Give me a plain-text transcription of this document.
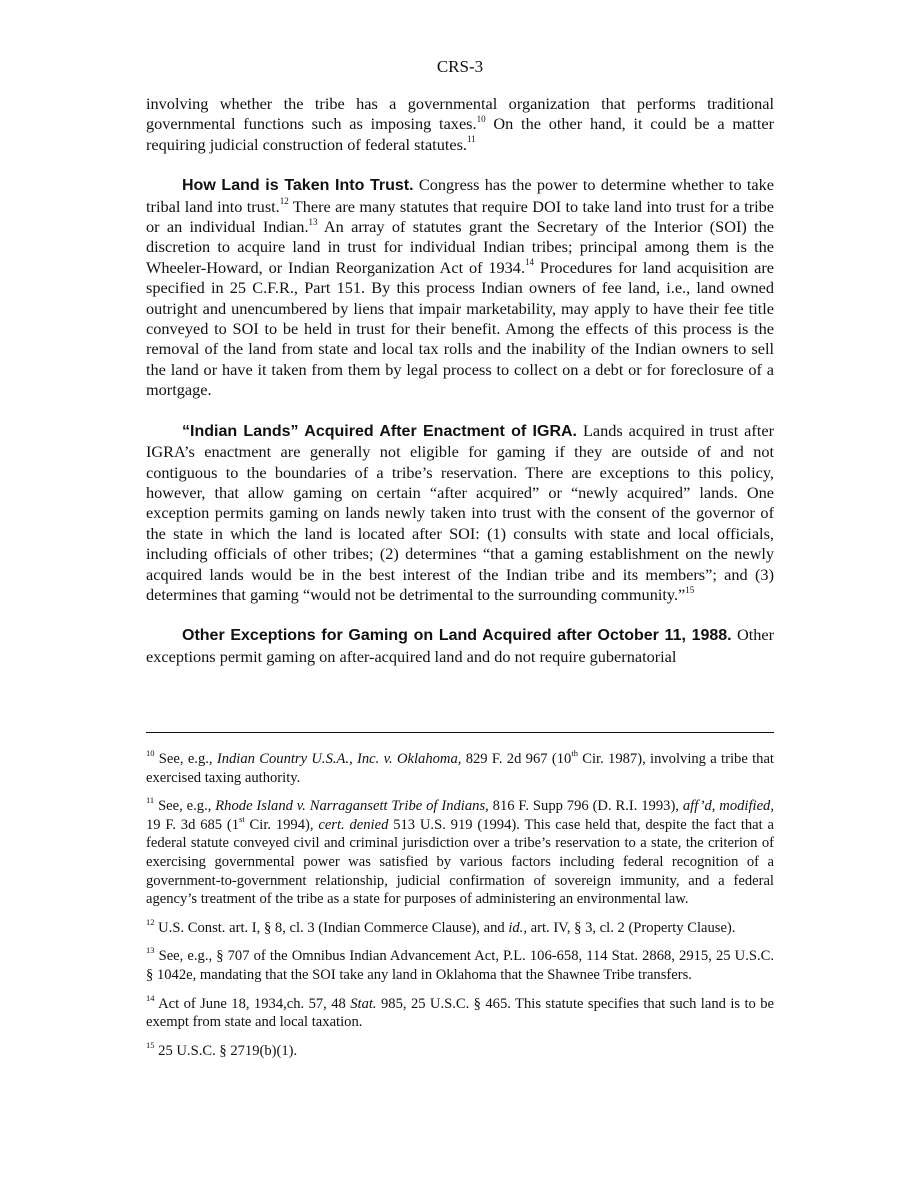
CRS-3

involving whether the tribe has a governmental organization that performs traditional governmental functions such as imposing taxes.$^{10}$ On the other hand, it could be a matter requiring judicial construction of federal statutes.$^{11}$

How Land is Taken Into Trust. Congress has the power to determine whether to take tribal land into trust.$^{12}$ There are many statutes that require DOI to take land into trust for a tribe or an individual Indian.$^{13}$ An array of statutes grant the Secretary of the Interior (SOI) the discretion to acquire land in trust for individual Indian tribes; principal among them is the Wheeler-Howard, or Indian Reorganization Act of 1934.14 Procedures for land acquisition are specified in 25 C.F.R., Part 151. By this process Indian owners of fee land, i.e., land owned outright and unencumbered by liens that impair marketability, may apply to have their fee title conveyed to SOI to be held in trust for their benefit. Among the effects of this process is the removal of the land from state and local tax rolls and the inability of the Indian owners to sell the land or have it taken from them by legal process to collect on a debt or for foreclosure of a mortgage.

“Indian Lands” Acquired After Enactment of IGRA. Lands acquired in trust after IGRA’s enactment are generally not eligible for gaming if they are outside of and not contiguous to the boundaries of a tribe’s reservation. There are exceptions to this policy, however, that allow gaming on certain “after acquired” or “newly acquired” lands. One exception permits gaming on lands newly taken into trust with the consent of the governor of the state in which the land is located after SOI: (1) consults with state and local officials, including officials of other tribes; (2) determines “that a gaming establishment on the newly acquired lands would be in the best interest of the Indian tribe and its members”; and (3) determines that gaming “would not be detrimental to the surrounding community.”$^{15}$

Other Exceptions for Gaming on Land Acquired after October 11, 1988. Other exceptions permit gaming on after-acquired land and do not require gubernatorial

$^{10}$ See, e.g., Indian Country U.S.A., Inc. v. Oklahoma, 829 F. 2d 967 (10th Cir. 1987), involving a tribe that exercised taxing authority.
$^{11}$ See, e.g., Rhode Island v. Narragansett Tribe of Indians, 816 F. Supp 796 (D. R.I. 1993), aff’d, modified, 19 F. 3d 685 (1st Cir. 1994), cert. denied 513 U.S. 919 (1994). This case held that, despite the fact that a federal statute conveyed civil and criminal jurisdiction over a tribe’s reservation to a state, the criterion of exercising governmental power was satisfied by various factors including federal recognition of a government-to-government relationship, judicial confirmation of sovereign immunity, and a federal agency’s treatment of the tribe as a state for purposes of administering an environmental law.
$^{12}$ U.S. Const. art. I, § 8, cl. 3 (Indian Commerce Clause), and id., art. IV, § 3, cl. 2 (Property Clause).
$^{13}$ See, e.g., § 707 of the Omnibus Indian Advancement Act, P.L. 106-658, 114 Stat. 2868, 2915, 25 U.S.C. § 1042e, mandating that the SOI take any land in Oklahoma that the Shawnee Tribe transfers.
$^{14}$ Act of June 18, 1934,ch. 57, 48 Stat. 985, 25 U.S.C. § 465. This statute specifies that such land is to be exempt from state and local taxation.
$^{15}$ 25 U.S.C. § 2719(b)(1).
